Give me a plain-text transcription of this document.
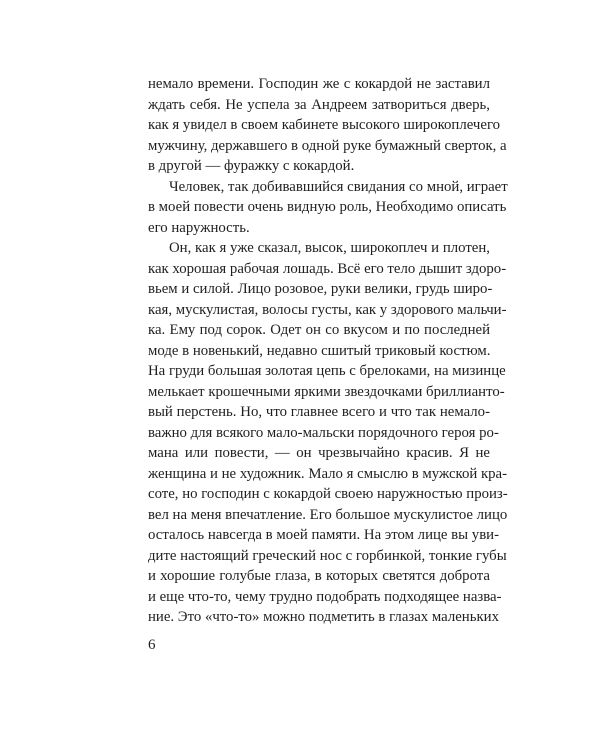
немало времени. Господин же с кокардой не заставил
ждать себя. Не успела за Андреем затвориться дверь,
как я увидел в своем кабинете высокого широкоплечего
мужчину, державшего в одной руке бумажный сверток, а
в другой — фуражку с кокардой.
Человек, так добивавшийся свидания со мной, играет
в моей повести очень видную роль, Необходимо описать
его наружность.
Он, как я уже сказал, высок, широкоплеч и плотен,
как хорошая рабочая лошадь. Всё его тело дышит здоро-
вьем и силой. Лицо розовое, руки велики, грудь широ-
кая, мускулистая, волосы густы, как у здорового мальчи-
ка. Ему под сорок. Одет он со вкусом и по последней
моде в новенький, недавно сшитый триковый костюм.
На груди большая золотая цепь с брелоками, на мизинце
мелькает крошечными яркими звездочками бриллианто-
вый перстень. Но, что главнее всего и что так немало-
важно для всякого мало-мальски порядочного героя ро-
мана или повести, — он чрезвычайно красив. Я не
женщина и не художник. Мало я смыслю в мужской кра-
соте, но господин с кокардой своею наружностью произ-
вел на меня впечатление. Его большое мускулистое лицо
осталось навсегда в моей памяти. На этом лице вы уви-
дите настоящий греческий нос с горбинкой, тонкие губы
и хорошие голубые глаза, в которых светятся доброта
и еще что-то, чему трудно подобрать подходящее назва-
ние. Это «что-то» можно подметить в глазах маленьких
6
